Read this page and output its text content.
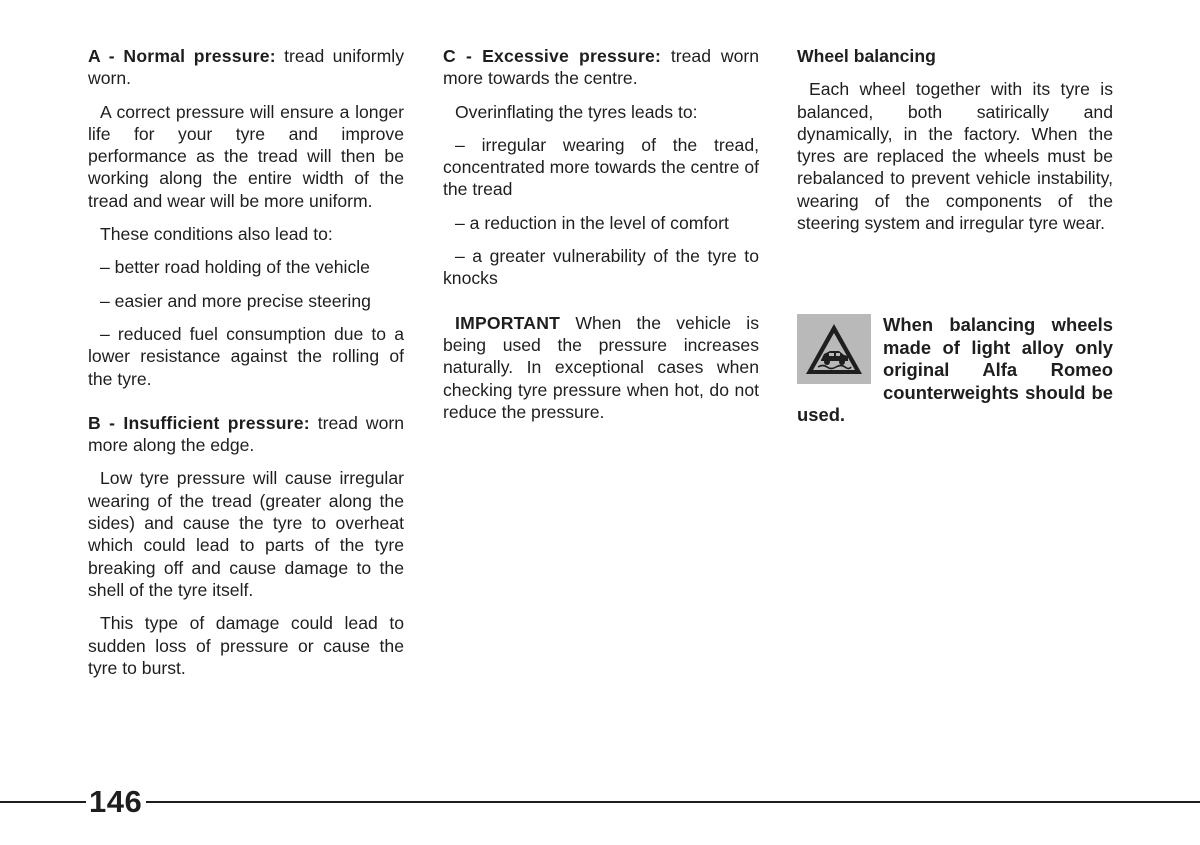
A - Normal pressure: tread uniformly worn.

A correct pressure will ensure a longer life for your tyre and improve performance as the tread will then be working along the entire width of the tread and wear will be more uniform.

These conditions also lead to:

– better road holding of the vehicle

– easier and more precise steering

– reduced fuel consumption due to a lower resistance against the rolling of the tyre.

B - Insufficient pressure: tread worn more along the edge.

Low tyre pressure will cause irregular wearing of the tread (greater along the sides) and cause the tyre to overheat which could lead to parts of the tyre breaking off and cause damage to the shell of the tyre itself.

This type of damage could lead to sudden loss of pressure or cause the tyre to burst.

C - Excessive pressure: tread worn more towards the centre.

Overinflating the tyres leads to:

– irregular wearing of the tread, concentrated more towards the centre of the tread

– a reduction in the level of comfort

– a greater vulnerability of the tyre to knocks

IMPORTANT When the vehicle is being used the pressure increases naturally. In exceptional cases when checking tyre pressure when hot, do not reduce the pressure.

Wheel balancing

Each wheel together with its tyre is balanced, both satirically and dynamically, in the factory. When the tyres are replaced the wheels must be rebalanced to prevent vehicle instability, wearing of the components of the steering system and irregular tyre wear.

When balancing wheels made of light alloy only original Alfa Romeo counterweights should be used.
146
